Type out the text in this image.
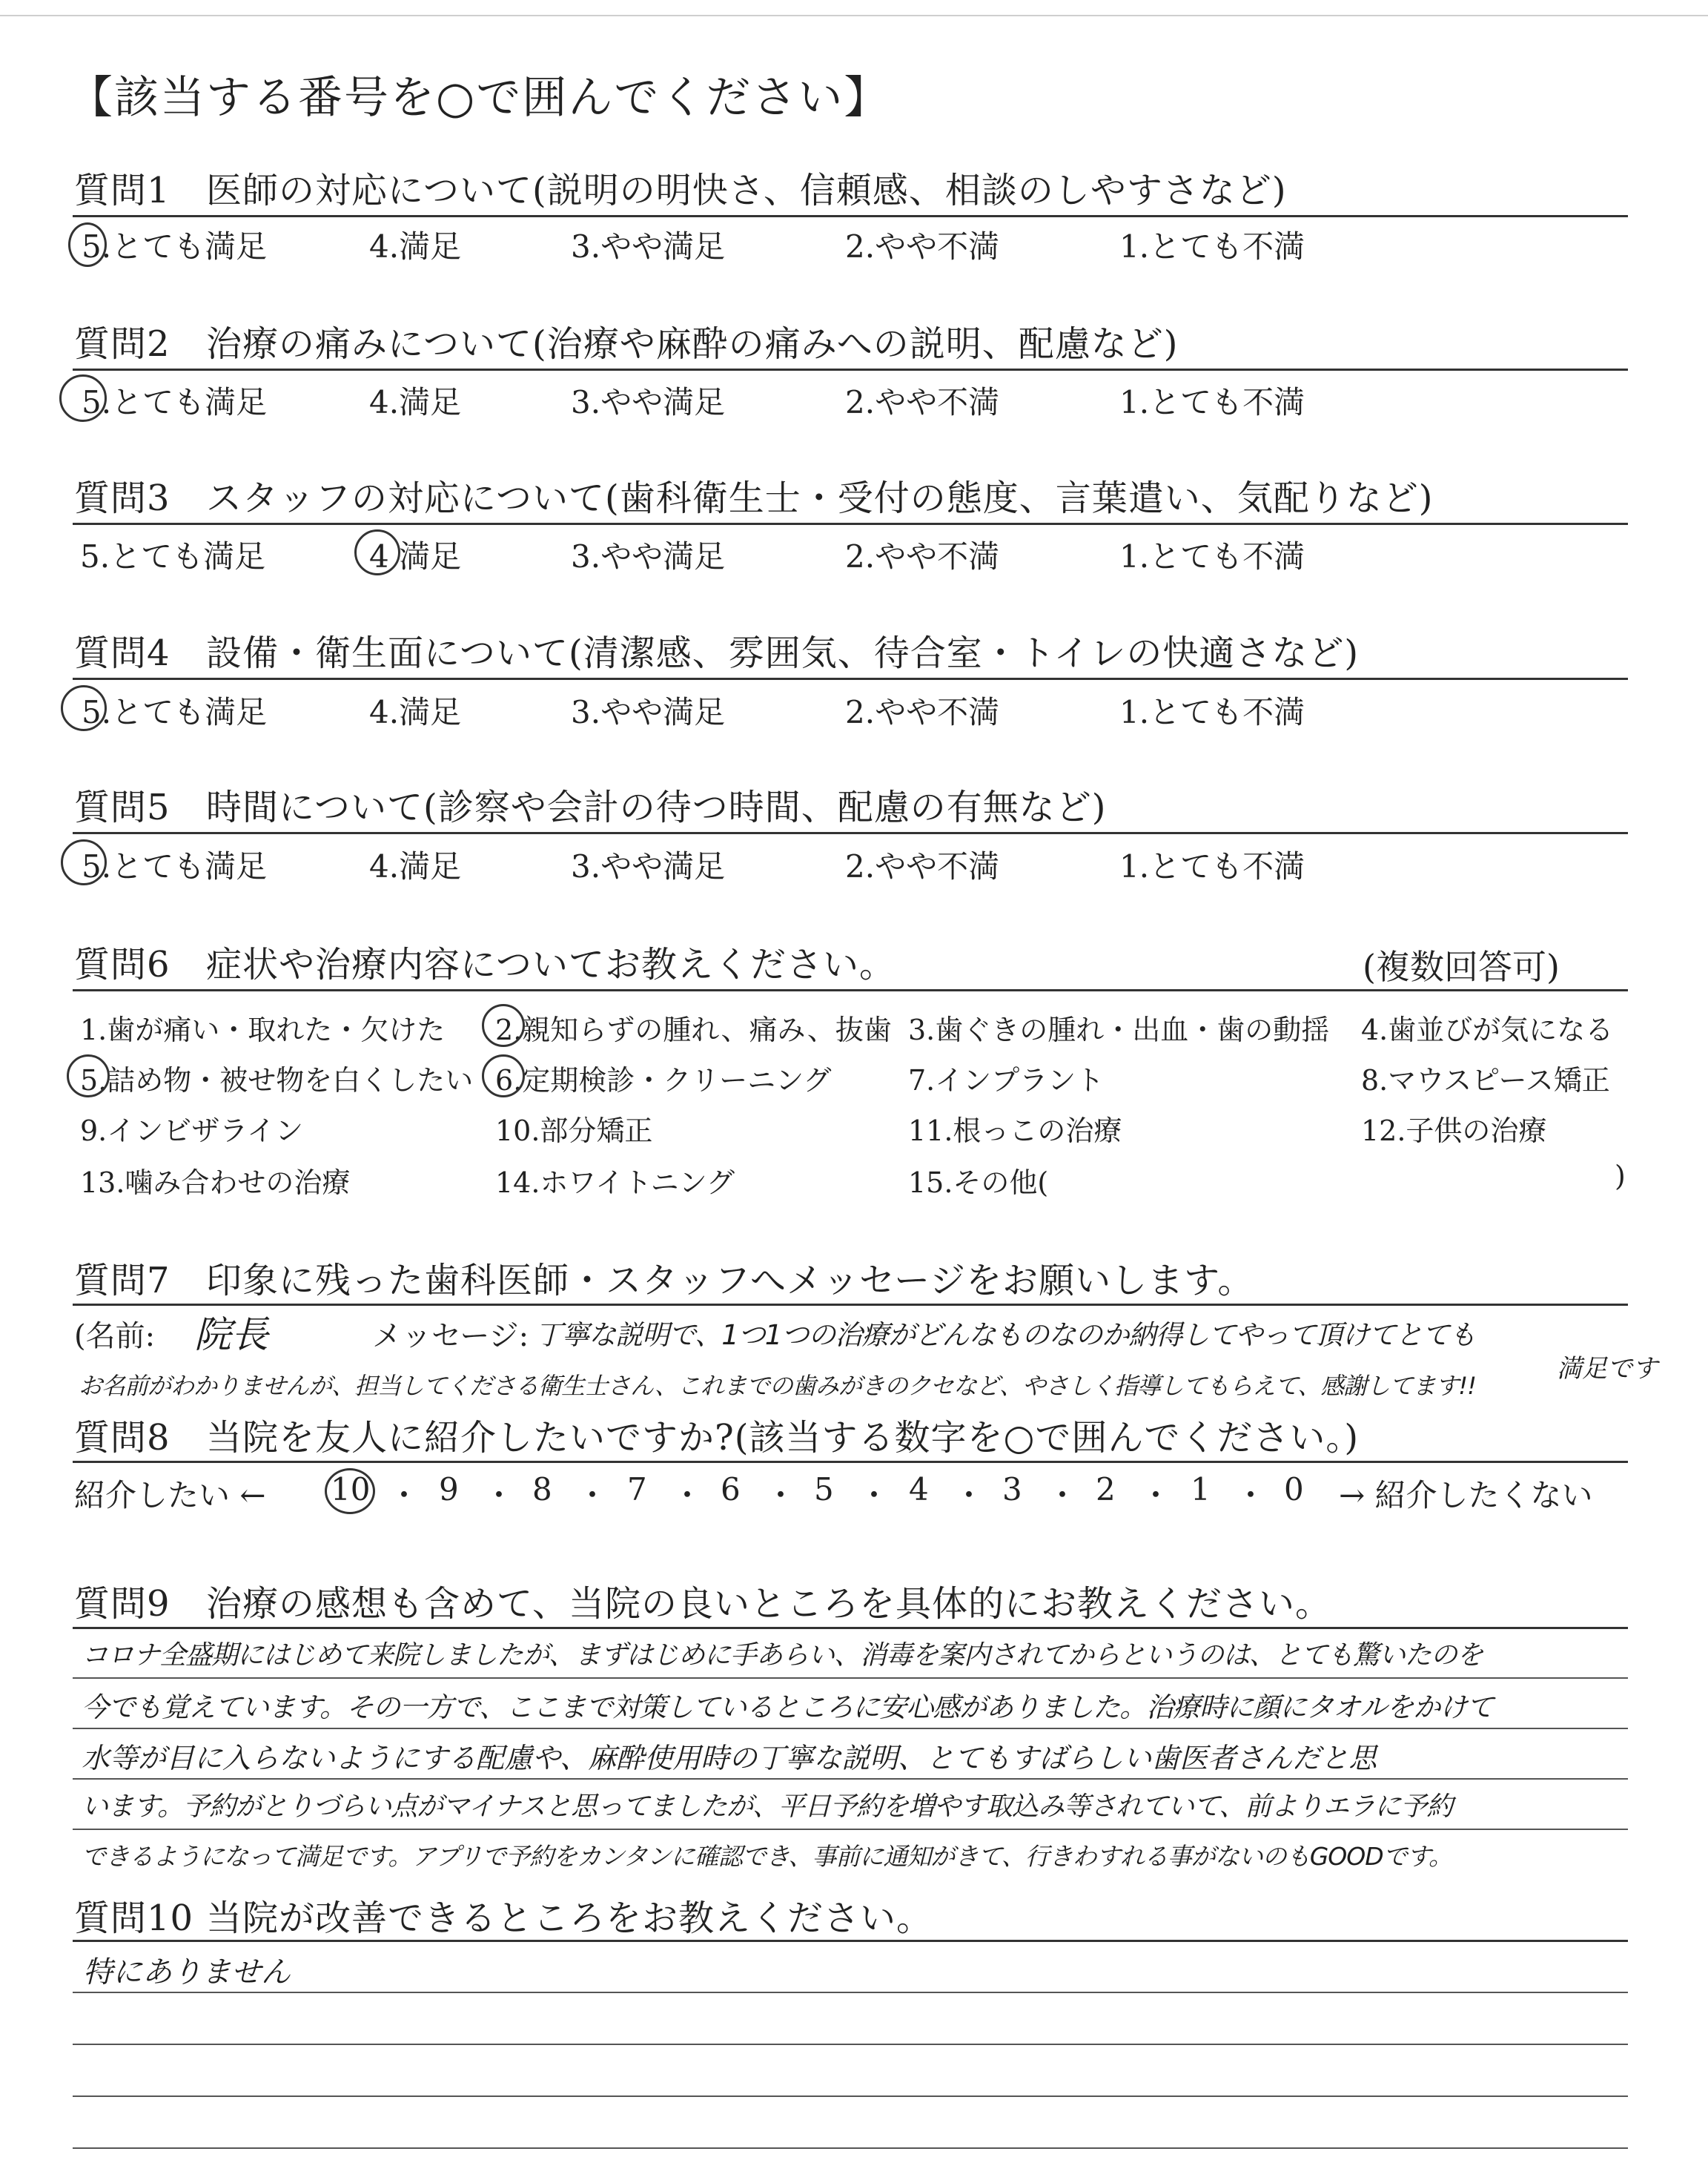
【該当する番号を○で囲んでください】
質問1 医師の対応について(説明の明快さ、信頼感、相談のしやすさなど)
5.とても満足	4.満足	3.やや満足	2.やや不満	1.とても不満
質問2 治療の痛みについて(治療や麻酔の痛みへの説明、配慮など)
5.とても満足	4.満足	3.やや満足	2.やや不満	1.とても不満
質問3 スタッフの対応について(歯科衛生士・受付の態度、言葉遣い、気配りなど)
5.とても満足	4 満足	3.やや満足	2.やや不満	1.とても不満
質問4 設備・衛生面について(清潔感、雰囲気、待合室・トイレの快適さなど)
5.とても満足	4.満足	3.やや満足	2.やや不満	1.とても不満
質問5 時間について(診察や会計の待つ時間、配慮の有無など)
5.とても満足	4.満足	3.やや満足	2.やや不満	1.とても不満
質問6 症状や治療内容についてお教えください。	(複数回答可)
1.歯が痛い・取れた・欠けた 2.親知らずの腫れ、痛み、抜歯 3.歯ぐきの腫れ・出血・歯の動揺 4.歯並びが気になる
5.詰め物・被せ物を白くしたい 6.定期検診・クリーニング	7.インプラント	8.マウスピース矯正
9.インビザライン	10.部分矯正	11.根っこの治療	12.子供の治療
13.噛み合わせの治療	14.ホワイトニング	15.その他(	)
質問7 印象に残った歯科医師・スタッフへメッセージをお願いします。
(名前: 院長	メッセージ: 丁寧な説明で、1つ1つの治療がどんなものなのか納得してやって頂けてとても
満足です
お名前がわかりませんが、担当してくださる衛生士さん、これまでの歯みがきのクセなど、やさしく指導してもらえて、感謝してます!!
質問8 当院を友人に紹介したいですか?(該当する数字を○で囲んでください。)
紹介したい ← 10 ・ 9 ・ 8 ・ 7 ・ 6 ・ 5 ・ 4 ・ 3 ・ 2 ・ 1 ・ 0 → 紹介したくない
質問9 治療の感想も含めて、当院の良いところを具体的にお教えください。
コロナ全盛期にはじめて来院しましたが、まずはじめに手あらい、消毒を案内されてからというのは、とても驚いたのを
今でも覚えています。その一方で、ここまで対策しているところに安心感がありました。治療時に顔にタオルをかけて
水等が目に入らないようにする配慮や、麻酔使用時の丁寧な説明、とてもすばらしい歯医者さんだと思
います。予約がとりづらい点がマイナスと思ってましたが、平日予約を増やす取込み等されていて、前よりエラに予約
できるようになって満足です。アプリで予約をカンタンに確認でき、事前に通知がきて、行きわすれる事がないのもGOODです。
質問10 当院が改善できるところをお教えください。
特にありません
